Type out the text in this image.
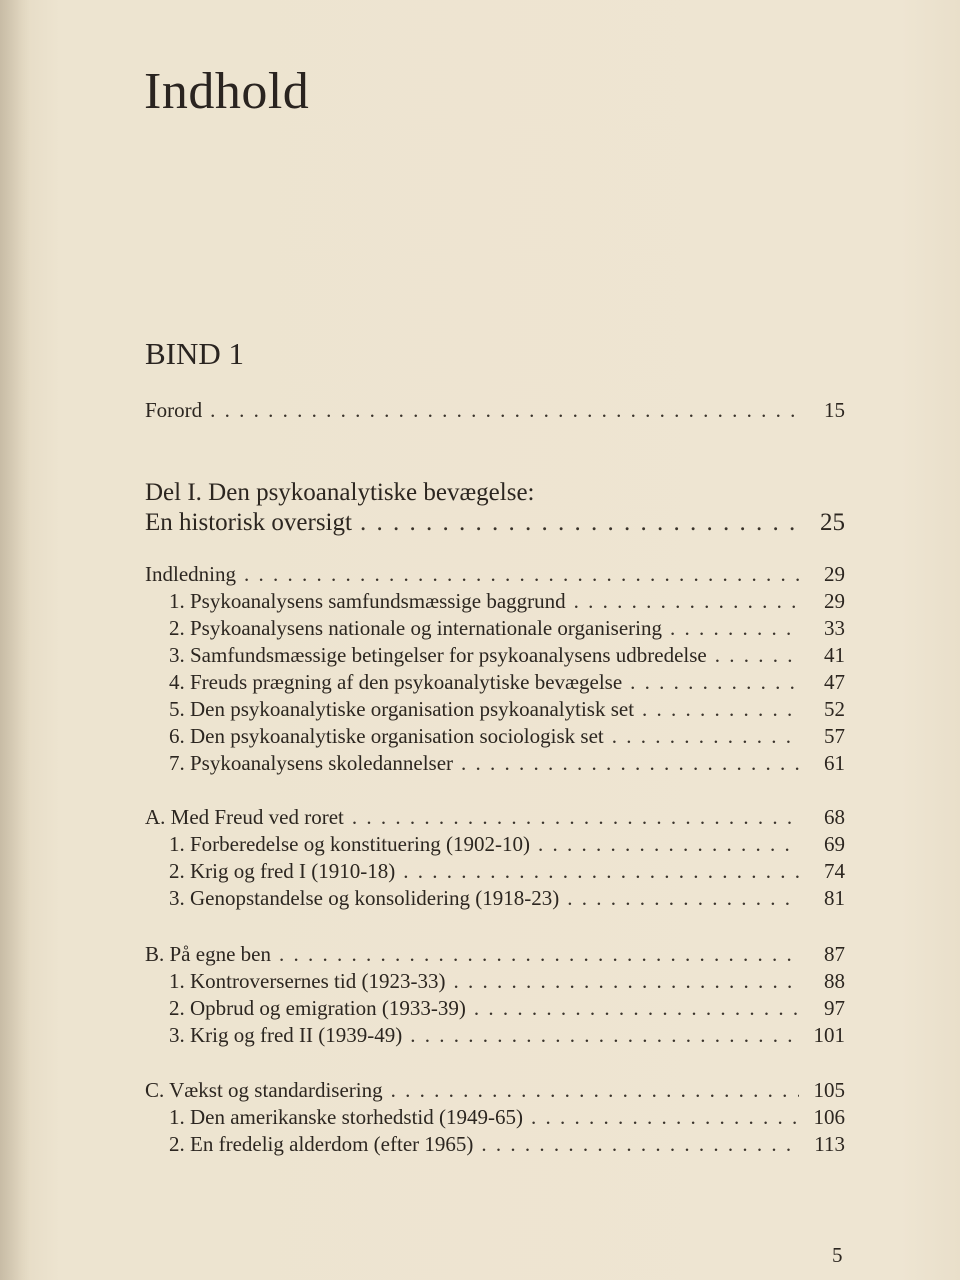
Indhold
BIND 1
Forord . . .	15
Del I. Den psykoanalytiske bevægelse:
En historisk oversigt . . .	25
Indledning . . .	29
1. Psykoanalysens samfundsmæssige baggrund . . .	29
2. Psykoanalysens nationale og internationale organisering . . .	33
3. Samfundsmæssige betingelser for psykoanalysens udbredelse . . .	41
4. Freuds prægning af den psykoanalytiske bevægelse . . .	47
5. Den psykoanalytiske organisation psykoanalytisk set . . .	52
6. Den psykoanalytiske organisation sociologisk set . . .	57
7. Psykoanalysens skoledannelser . . .	61
A. Med Freud ved roret . . .	68
1. Forberedelse og konstituering (1902-10) . . .	69
2. Krig og fred I (1910-18) . . .	74
3. Genopstandelse og konsolidering (1918-23) . . .	81
B. På egne ben . . .	87
1. Kontroversernes tid (1923-33) . . .	88
2. Opbrud og emigration (1933-39) . . .	97
3. Krig og fred II (1939-49) . . .	101
C. Vækst og standardisering . . .	105
1. Den amerikanske storhedstid (1949-65) . . .	106
2. En fredelig alderdom (efter 1965) . . .	113
5
